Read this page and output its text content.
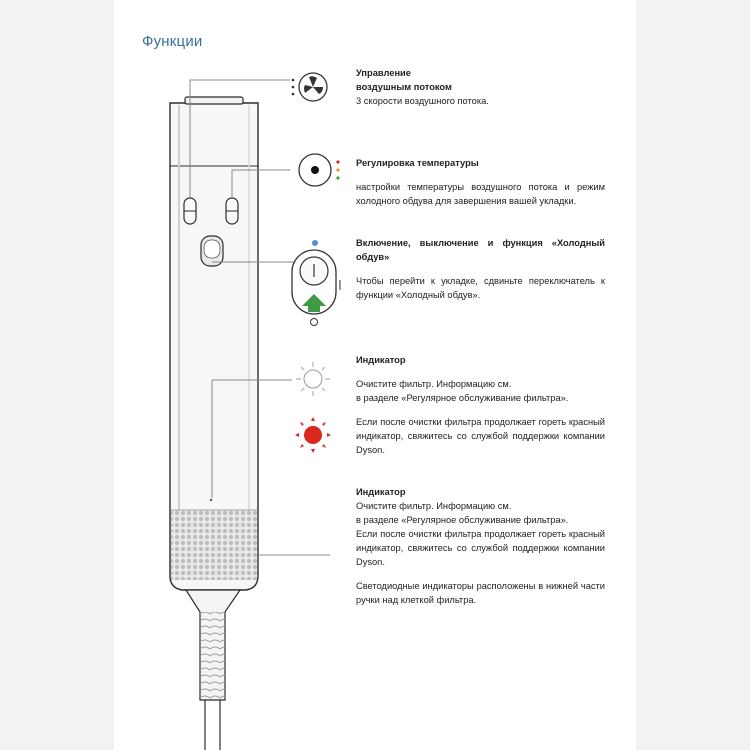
Функции
Управление
воздушным потоком

3 скорости воздушного потока.

Регулировка температуры

настройки температуры воздушного потока и режим холодного обдува для завершения вашей укладки.

Включение, выключение и функция «Холодный обдув»

Чтобы перейти к укладке, сдвиньте переключатель к функции «Холодный обдув».

Индикатор

Очистите фильтр. Информацию см.

в разделе «Регулярное обслуживание фильтра».

Если после очистки фильтра продолжает гореть красный индикатор, свяжитесь со службой поддержки компании Dyson.

Индикатор

Очистите фильтр. Информацию см.

в разделе «Регулярное обслуживание фильтра».

Если после очистки фильтра продолжает гореть красный индикатор, свяжитесь со службой поддержки компании Dyson.

Светодиодные индикаторы расположены в нижней части ручки над клеткой фильтра.
